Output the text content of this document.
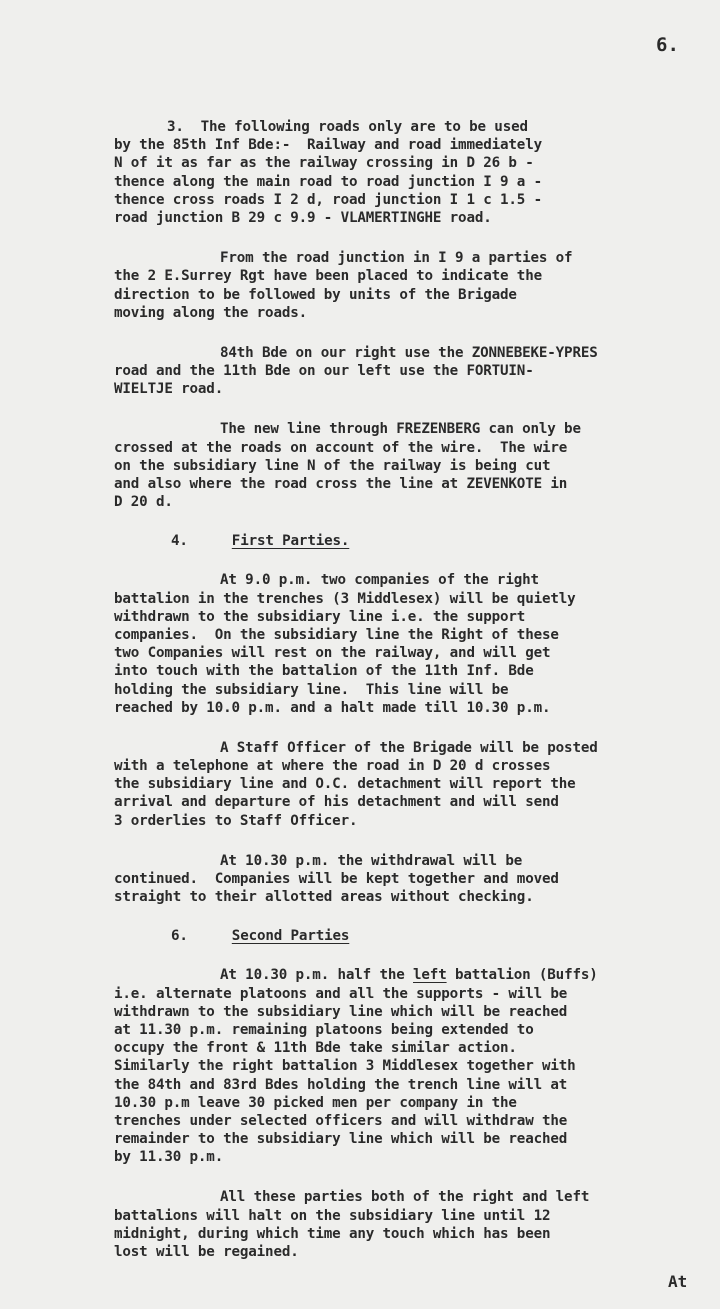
6.
3. The following roads only are to be used
by the 85th Inf Bde:-  Railway and road immediately
N of it as far as the railway crossing in D 26 b -
thence along the main road to road junction I 9 a -
thence cross roads I 2 d, road junction I 1 c 1.5 -
road junction B 29 c 9.9 - VLAMERTINGHE road.
From the road junction in I 9 a parties of
the 2 E.Surrey Rgt have been placed to indicate the
direction to be followed by units of the Brigade
moving along the roads.
84th Bde on our right use the ZONNEBEKE-YPRES
road and the 11th Bde on our left use the FORTUIN-
WIELTJE road.
The new line through FREZENBERG can only be
crossed at the roads on account of the wire.  The wire
on the subsidiary line N of the railway is being cut
and also where the road cross the line at ZEVENKOTE in
D 20 d.
4.	First Parties.
At 9.0 p.m. two companies of the right
battalion in the trenches (3 Middlesex) will be quietly
withdrawn to the subsidiary line i.e. the support
companies.  On the subsidiary line the Right of these
two Companies will rest on the railway, and will get
into touch with the battalion of the 11th Inf. Bde
holding the subsidiary line.  This line will be
reached by 10.0 p.m. and a halt made till 10.30 p.m.
A Staff Officer of the Brigade will be posted
with a telephone at where the road in D 20 d crosses
the subsidiary line and O.C. detachment will report the
arrival and departure of his detachment and will send
3 orderlies to Staff Officer.
At 10.30 p.m. the withdrawal will be
continued.  Companies will be kept together and moved
straight to their allotted areas without checking.
6.	Second Parties
At 10.30 p.m. half the left battalion (Buffs)
i.e. alternate platoons and all the supports - will be
withdrawn to the subsidiary line which will be reached
at 11.30 p.m. remaining platoons being extended to
occupy the front & 11th Bde take similar action.
Similarly the right battalion 3 Middlesex together with
the 84th and 83rd Bdes holding the trench line will at
10.30 p.m leave 30 picked men per company in the
trenches under selected officers and will withdraw the
remainder to the subsidiary line which will be reached
by 11.30 p.m.
All these parties both of the right and left
battalions will halt on the subsidiary line until 12
midnight, during which time any touch which has been
lost will be regained.
At
